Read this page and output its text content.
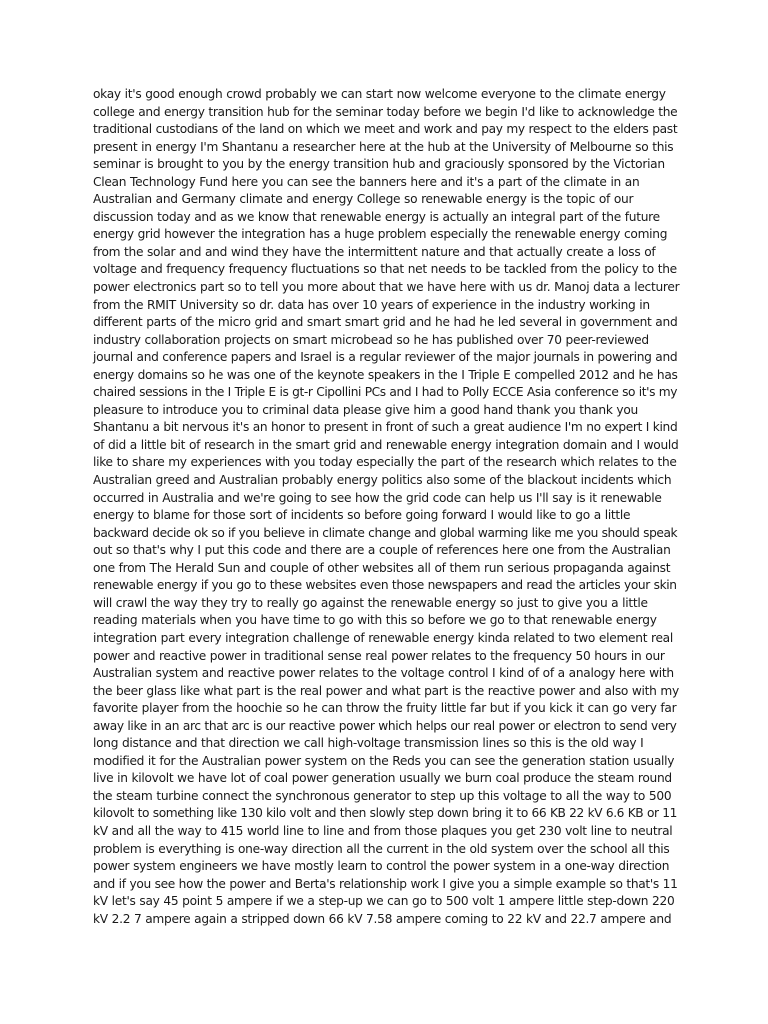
okay it's good enough crowd probably we can start now welcome everyone to the climate energy
college and energy transition hub for the seminar today before we begin I'd like to acknowledge the
traditional custodians of the land on which we meet and work and pay my respect to the elders past
present in energy I'm Shantanu a researcher here at the hub at the University of Melbourne so this
seminar is brought to you by the energy transition hub and graciously sponsored by the Victorian
Clean Technology Fund here you can see the banners here and it's a part of the climate in an
Australian and Germany climate and energy College so renewable energy is the topic of our
discussion today and as we know that renewable energy is actually an integral part of the future
energy grid however the integration has a huge problem especially the renewable energy coming
from the solar and and wind they have the intermittent nature and that actually create a loss of
voltage and frequency frequency fluctuations so that net needs to be tackled from the policy to the
power electronics part so to tell you more about that we have here with us dr. Manoj data a lecturer
from the RMIT University so dr. data has over 10 years of experience in the industry working in
different parts of the micro grid and smart smart grid and he had he led several in government and
industry collaboration projects on smart microbead so he has published over 70 peer-reviewed
journal and conference papers and Israel is a regular reviewer of the major journals in powering and
energy domains so he was one of the keynote speakers in the I Triple E compelled 2012 and he has
chaired sessions in the I Triple E is gt-r Cipollini PCs and I had to Polly ECCE Asia conference so it's my
pleasure to introduce you to criminal data please give him a good hand thank you thank you
Shantanu a bit nervous it's an honor to present in front of such a great audience I'm no expert I kind
of did a little bit of research in the smart grid and renewable energy integration domain and I would
like to share my experiences with you today especially the part of the research which relates to the
Australian greed and Australian probably energy politics also some of the blackout incidents which
occurred in Australia and we're going to see how the grid code can help us I'll say is it renewable
energy to blame for those sort of incidents so before going forward I would like to go a little
backward decide ok so if you believe in climate change and global warming like me you should speak
out so that's why I put this code and there are a couple of references here one from the Australian
one from The Herald Sun and couple of other websites all of them run serious propaganda against
renewable energy if you go to these websites even those newspapers and read the articles your skin
will crawl the way they try to really go against the renewable energy so just to give you a little
reading materials when you have time to go with this so before we go to that renewable energy
integration part every integration challenge of renewable energy kinda related to two element real
power and reactive power in traditional sense real power relates to the frequency 50 hours in our
Australian system and reactive power relates to the voltage control I kind of of a analogy here with
the beer glass like what part is the real power and what part is the reactive power and also with my
favorite player from the hoochie so he can throw the fruity little far but if you kick it can go very far
away like in an arc that arc is our reactive power which helps our real power or electron to send very
long distance and that direction we call high-voltage transmission lines so this is the old way I
modified it for the Australian power system on the Reds you can see the generation station usually
live in kilovolt we have lot of coal power generation usually we burn coal produce the steam round
the steam turbine connect the synchronous generator to step up this voltage to all the way to 500
kilovolt to something like 130 kilo volt and then slowly step down bring it to 66 KB 22 kV 6.6 KB or 11
kV and all the way to 415 world line to line and from those plaques you get 230 volt line to neutral
problem is everything is one-way direction all the current in the old system over the school all this
power system engineers we have mostly learn to control the power system in a one-way direction
and if you see how the power and Berta's relationship work I give you a simple example so that's 11
kV let's say 45 point 5 ampere if we a step-up we can go to 500 volt 1 ampere little step-down 220
kV 2.2 7 ampere again a stripped down 66 kV 7.58 ampere coming to 22 kV and 22.7 ampere and
